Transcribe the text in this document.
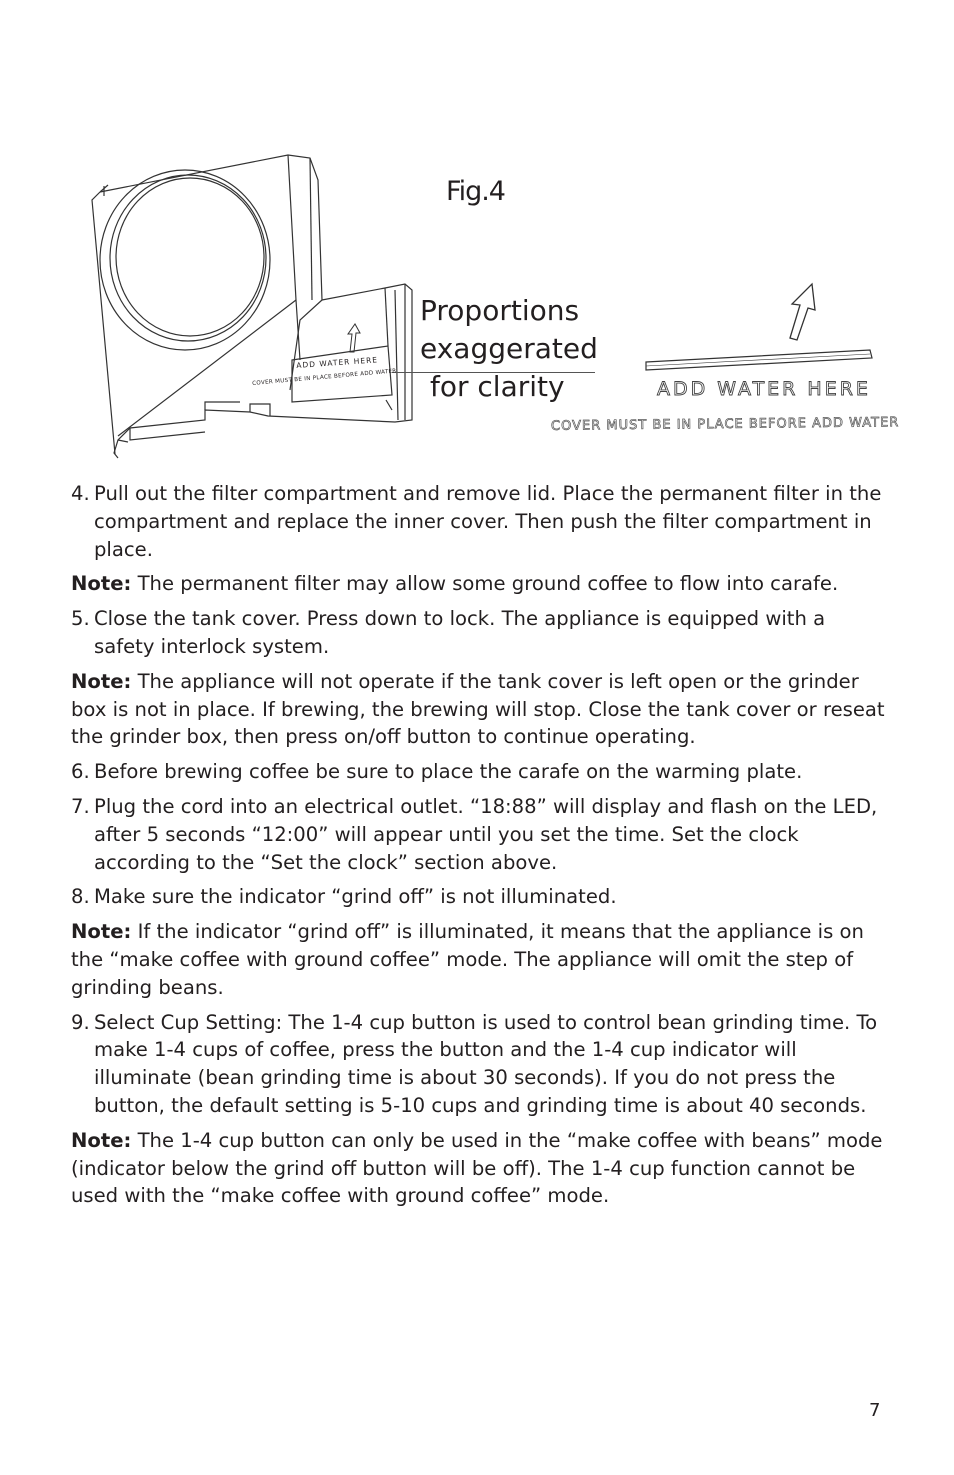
Fig.4
Proportions
exaggerated
for clarity
ADD WATER HERE
COVER MUST BE IN PLACE BEFORE ADD WATER
ADD WATER HERE
COVER MUST BE IN PLACE BEFORE ADD WATER
4. Pull out the filter compartment and remove lid. Place the permanent filter in the compartment and replace the inner cover. Then push the filter compartment in place.
Note: The permanent filter may allow some ground coffee to flow into carafe.
5. Close the tank cover. Press down to lock. The appliance is equipped with a safety interlock system.
Note: The appliance will not operate if the tank cover is left open or the grinder box is not in place. If brewing, the brewing will stop. Close the tank cover or reseat the grinder box, then press on/off button to continue operating.
6. Before brewing coffee be sure to place the carafe on the warming plate.
7. Plug the cord into an electrical outlet. “18:88” will display and flash on the LED, after 5 seconds “12:00” will appear until you set the time. Set the clock according to the “Set the clock” section above.
8. Make sure the indicator “grind off” is not illuminated.
Note: If the indicator “grind off” is illuminated, it means that the appliance is on the “make coffee with ground coffee” mode. The appliance will omit the step of grinding beans.
9. Select Cup Setting: The 1-4 cup button is used to control bean grinding time. To make 1-4 cups of coffee, press the button and the 1-4 cup indicator will illuminate (bean grinding time is about 30 seconds). If you do not press the button, the default setting is 5-10 cups and grinding time is about 40 seconds.
Note: The 1-4 cup button can only be used in the “make coffee with beans” mode (indicator below the grind off button will be off). The 1-4 cup function cannot be used with the “make coffee with ground coffee” mode.
7
